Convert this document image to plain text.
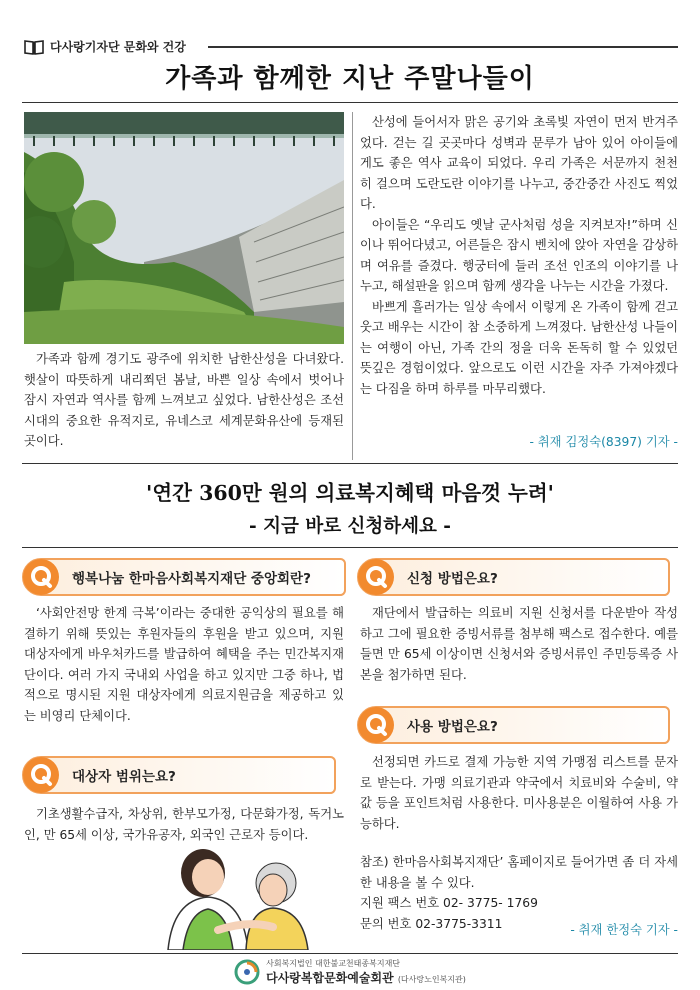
다사랑기자단 문화와 건강
가족과 함께한 지난 주말나들이

가족과 함께 경기도 광주에 위치한 남한산성을 다녀왔다. 햇살이 따뜻하게 내리쬐던 봄날, 바쁜 일상 속에서 벗어나 잠시 자연과 역사를 함께 느껴보고 싶었다. 남한산성은 조선 시대의 중요한 유적지로, 유네스코 세계문화유산에 등재된 곳이다.

산성에 들어서자 맑은 공기와 초록빛 자연이 먼저 반겨주었다. 걷는 길 곳곳마다 성벽과 문루가 남아 있어 아이들에게도 좋은 역사 교육이 되었다. 우리 가족은 서문까지 천천히 걸으며 도란도란 이야기를 나누고, 중간중간 사진도 찍었다.

아이들은 “우리도 옛날 군사처럼 성을 지켜보자!”하며 신이나 뛰어다녔고, 어른들은 잠시 벤치에 앉아 자연을 감상하며 여유를 즐겼다. 행궁터에 들러 조선 인조의 이야기를 나누고, 해설판을 읽으며 함께 생각을 나누는 시간을 가졌다.

바쁘게 흘러가는 일상 속에서 이렇게 온 가족이 함께 걷고 웃고 배우는 시간이 참 소중하게 느껴졌다. 남한산성 나들이는 여행이 아닌, 가족 간의 정을 더욱 돈독히 할 수 있었던 뜻깊은 경험이었다. 앞으로도 이런 시간을 자주 가져야겠다는 다짐을 하며 하루를 마무리했다.

- 취재 김정숙(8397) 기자 -
'연간 360만 원의 의료복지혜택 마음껏 누려'
- 지금 바로 신청하세요 -
행복나눔 한마음사회복지재단 중앙회란?

‘사회안전망 한계 극복’이라는 중대한 공익상의 필요를 해결하기 위해 뜻있는 후원자들의 후원을 받고 있으며, 지원 대상자에게 바우처카드를 발급하여 혜택을 주는 민간복지재단이다. 여러 가지 국내외 사업을 하고 있지만 그중 하나, 법적으로 명시된 지원 대상자에게 의료지원금을 제공하고 있는 비영리 단체이다.

대상자 범위는요?

기초생활수급자, 차상위, 한부모가정, 다문화가정, 독거노인, 만 65세 이상, 국가유공자, 외국인 근로자 등이다.

신청 방법은요?

재단에서 발급하는 의료비 지원 신청서를 다운받아 작성하고 그에 필요한 증빙서류를 첨부해 팩스로 접수한다. 예를 들면 만 65세 이상이면 신청서와 증빙서류인 주민등록증 사본을 첨가하면 된다.

사용 방법은요?

선정되면 카드로 결제 가능한 지역 가맹점 리스트를 문자로 받는다. 가맹 의료기관과 약국에서 치료비와 수술비, 약값 등을 포인트처럼 사용한다. 미사용분은 이월하여 사용 가능하다.

참조) 한마음사회복지재단’ 홈페이지로 들어가면 좀 더 자세한 내용을 볼 수 있다.
지원 팩스 번호 02- 3775- 1769
문의 번호 02-3775-3311	- 취재 한정숙 기자 -
사회복지법인 대한불교천태종복지재단
다사랑복합문화예술회관 (다사랑노인복지관)
